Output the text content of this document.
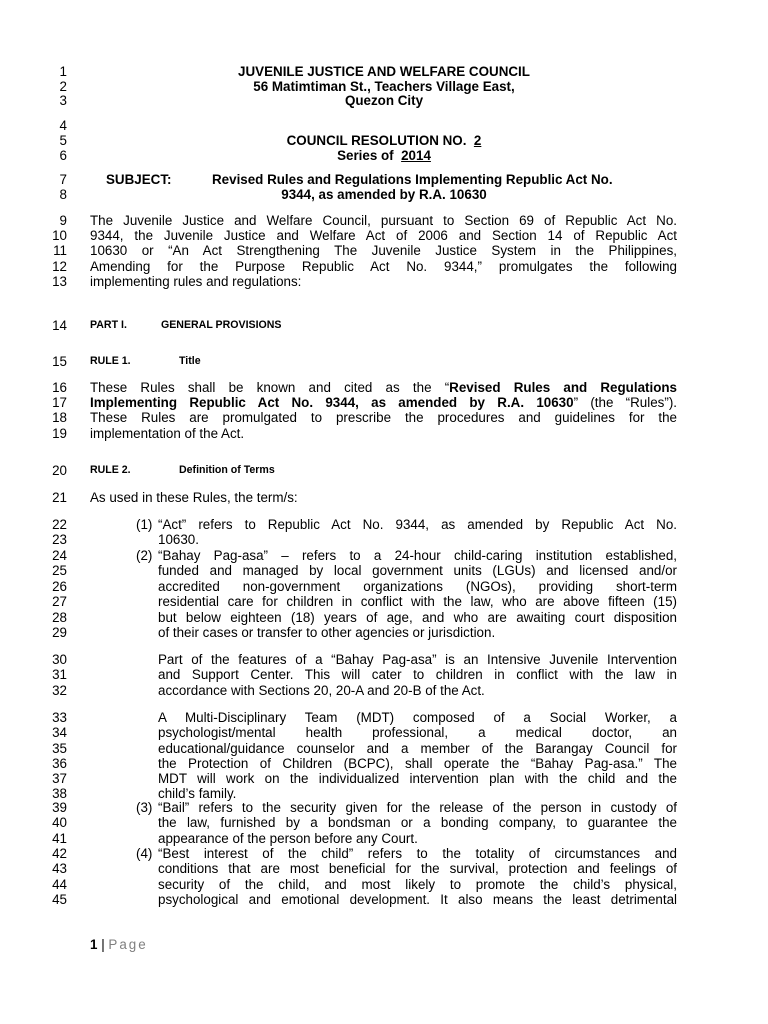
1	JUVENILE JUSTICE AND WELFARE COUNCIL
2	56 Matimtiman St., Teachers Village East,
3	Quezon City
4
5	COUNCIL RESOLUTION NO. 2
6	Series of 2014
7	SUBJECT:	Revised Rules and Regulations Implementing Republic Act No.
8	9344, as amended by R.A. 10630
9 The Juvenile Justice and Welfare Council, pursuant to Section 69 of Republic Act No.
10 9344, the Juvenile Justice and Welfare Act of 2006 and Section 14 of Republic Act
11 10630 or “An Act Strengthening The Juvenile Justice System in the Philippines,
12 Amending for the Purpose Republic Act No. 9344,” promulgates the following
13 implementing rules and regulations:
14 PART I.	GENERAL PROVISIONS
15 RULE 1.	Title
16 These Rules shall be known and cited as the “Revised Rules and Regulations
17 Implementing Republic Act No. 9344, as amended by R.A. 10630” (the “Rules”).
18 These Rules are promulgated to prescribe the procedures and guidelines for the
19 implementation of the Act.
20 RULE 2.	Definition of Terms
21 As used in these Rules, the term/s:
22	(1) “Act” refers to Republic Act No. 9344, as amended by Republic Act No.
23	10630.
24	(2) “Bahay Pag-asa” – refers to a 24-hour child-caring institution established,
25	funded and managed by local government units (LGUs) and licensed and/or
26	accredited non-government organizations (NGOs), providing short-term
27	residential care for children in conflict with the law, who are above fifteen (15)
28	but below eighteen (18) years of age, and who are awaiting court disposition
29	of their cases or transfer to other agencies or jurisdiction.
30	Part of the features of a “Bahay Pag-asa” is an Intensive Juvenile Intervention
31	and Support Center. This will cater to children in conflict with the law in
32	accordance with Sections 20, 20-A and 20-B of the Act.
33	A Multi-Disciplinary Team (MDT) composed of a Social Worker, a
34	psychologist/mental health professional, a medical doctor, an
35	educational/guidance counselor and a member of the Barangay Council for
36	the Protection of Children (BCPC), shall operate the “Bahay Pag-asa.” The
37	MDT will work on the individualized intervention plan with the child and the
38	child’s family.
39	(3) “Bail” refers to the security given for the release of the person in custody of
40	the law, furnished by a bondsman or a bonding company, to guarantee the
41	appearance of the person before any Court.
42	(4) “Best interest of the child” refers to the totality of circumstances and
43	conditions that are most beneficial for the survival, protection and feelings of
44	security of the child, and most likely to promote the child’s physical,
45	psychological and emotional development. It also means the least detrimental
1 | Page
